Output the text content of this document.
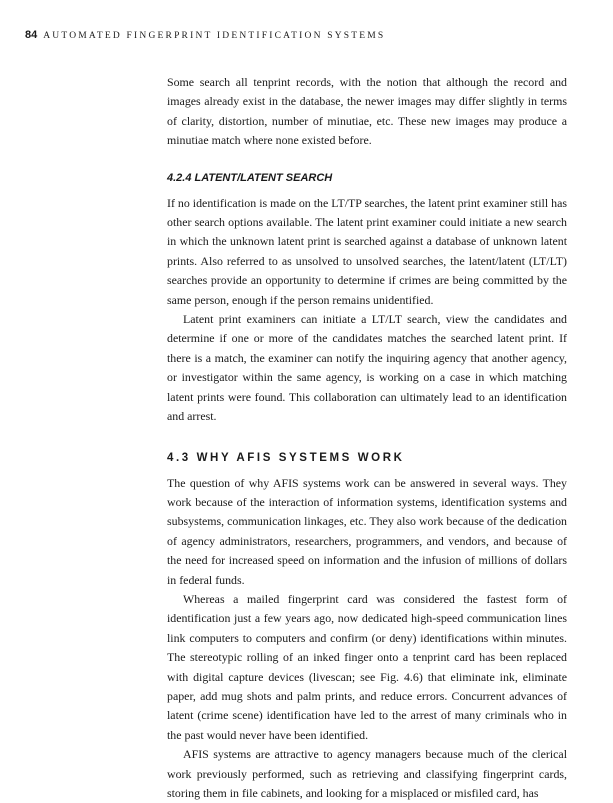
84 AUTOMATED FINGERPRINT IDENTIFICATION SYSTEMS

Some search all tenprint records, with the notion that although the record and images already exist in the database, the newer images may differ slightly in terms of clarity, distortion, number of minutiae, etc. These new images may produce a minutiae match where none existed before.

4.2.4 LATENT/LATENT SEARCH

If no identification is made on the LT/TP searches, the latent print examiner still has other search options available. The latent print examiner could initiate a new search in which the unknown latent print is searched against a database of unknown latent prints. Also referred to as unsolved to unsolved searches, the latent/latent (LT/LT) searches provide an opportunity to determine if crimes are being committed by the same person, enough if the person remains unidentified.

Latent print examiners can initiate a LT/LT search, view the candidates and determine if one or more of the candidates matches the searched latent print. If there is a match, the examiner can notify the inquiring agency that another agency, or investigator within the same agency, is working on a case in which matching latent prints were found. This collaboration can ultimately lead to an identification and arrest.

4.3 WHY AFIS SYSTEMS WORK

The question of why AFIS systems work can be answered in several ways. They work because of the interaction of information systems, identification systems and subsystems, communication linkages, etc. They also work because of the dedication of agency administrators, researchers, programmers, and vendors, and because of the need for increased speed on information and the infusion of millions of dollars in federal funds.

Whereas a mailed fingerprint card was considered the fastest form of identification just a few years ago, now dedicated high-speed communication lines link computers to computers and confirm (or deny) identifications within minutes. The stereotypic rolling of an inked finger onto a tenprint card has been replaced with digital capture devices (livescan; see Fig. 4.6) that eliminate ink, eliminate paper, add mug shots and palm prints, and reduce errors. Concurrent advances of latent (crime scene) identification have led to the arrest of many criminals who in the past would never have been identified.

AFIS systems are attractive to agency managers because much of the clerical work previously performed, such as retrieving and classifying fingerprint cards, storing them in file cabinets, and looking for a misplaced or misfiled card, has
